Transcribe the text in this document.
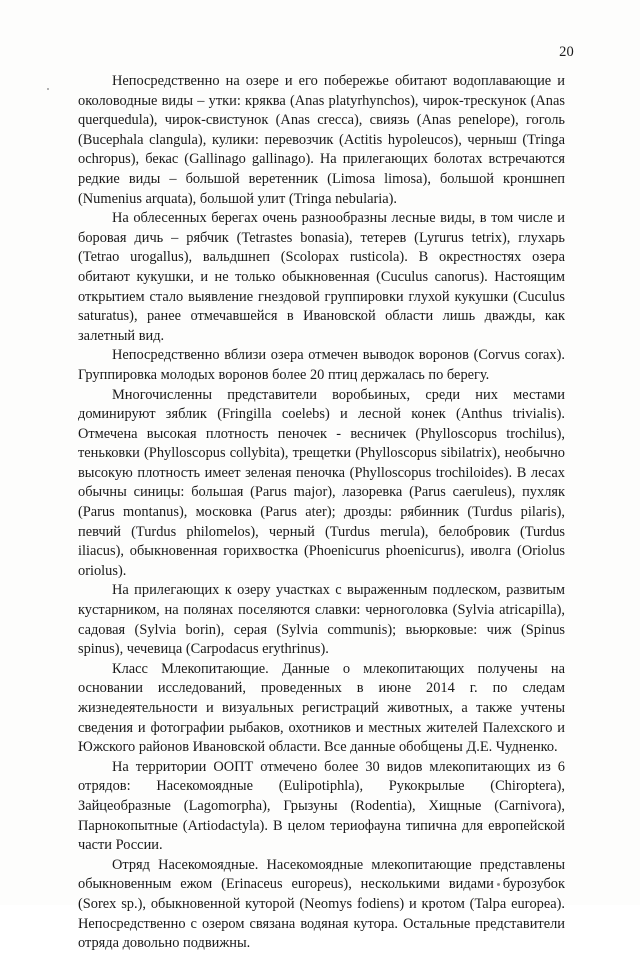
20

Непосредственно на озере и его побережье обитают водоплавающие и околоводные виды – утки: кряква (Anas platyrhynchos), чирок-трескунок (Anas querquedula), чирок-свистунок (Anas crecca), свиязь (Anas penelope), гоголь (Bucephala clangula), кулики: перевозчик (Actitis hypoleucos), черныш (Tringa ochropus), бекас (Gallinago gallinago). На прилегающих болотах встречаются редкие виды – большой веретенник (Limosa limosa), большой кроншнеп (Numenius arquata), большой улит (Tringa nebularia).

На облесенных берегах очень разнообразны лесные виды, в том числе и боровая дичь – рябчик (Tetrastes bonasia), тетерев (Lyrurus tetrix), глухарь (Tetrao urogallus), вальдшнеп (Scolopax rusticola). В окрестностях озера обитают кукушки, и не только обыкновенная (Cuculus canorus). Настоящим открытием стало выявление гнездовой группировки глухой кукушки (Cuculus saturatus), ранее отмечавшейся в Ивановской области лишь дважды, как залетный вид.

Непосредственно вблизи озера отмечен выводок воронов (Corvus corax). Группировка молодых воронов более 20 птиц держалась по берегу.

Многочисленны представители воробьиных, среди них местами доминируют зяблик (Fringilla coelebs) и лесной конек (Anthus trivialis). Отмечена высокая плотность пеночек - весничек (Phylloscopus trochilus), теньковки (Phylloscopus collybita), трещетки (Phylloscopus sibilatrix), необычно высокую плотность имеет зеленая пеночка (Phylloscopus trochiloides). В лесах обычны синицы: большая (Parus major), лазоревка (Parus caeruleus), пухляк (Parus montanus), московка (Parus ater); дрозды: рябинник (Turdus pilaris), певчий (Turdus philomelos), черный (Turdus merula), белобровик (Turdus iliacus), обыкновенная горихвостка (Phoenicurus phoenicurus), иволга (Oriolus oriolus).

На прилегающих к озеру участках с выраженным подлеском, развитым кустарником, на полянах поселяются славки: черноголовка (Sylvia atricapilla), садовая (Sylvia borin), серая (Sylvia communis); вьюрковые: чиж (Spinus spinus), чечевица (Carpodacus erythrinus).

Класс Млекопитающие. Данные о млекопитающих получены на основании исследований, проведенных в июне 2014 г. по следам жизнедеятельности и визуальных регистраций животных, а также учтены сведения и фотографии рыбаков, охотников и местных жителей Палехского и Южского районов Ивановской области. Все данные обобщены Д.Е. Чудненко.

На территории ООПТ отмечено более 30 видов млекопитающих из 6 отрядов: Насекомоядные (Eulipotiphla), Рукокрылые (Chiroptera), Зайцеобразные (Lagomorpha), Грызуны (Rodentia), Хищные (Carnivora), Парнокопытные (Artiodactyla). В целом териофауна типична для европейской части России.

Отряд Насекомоядные. Насекомоядные млекопитающие представлены обыкновенным ежом (Erinaceus europeus), несколькими видами бурозубок (Sorex sp.), обыкновенной куторой (Neomys fodiens) и кротом (Talpa europea). Непосредственно с озером связана водяная кутора. Остальные представители отряда довольно подвижны.
